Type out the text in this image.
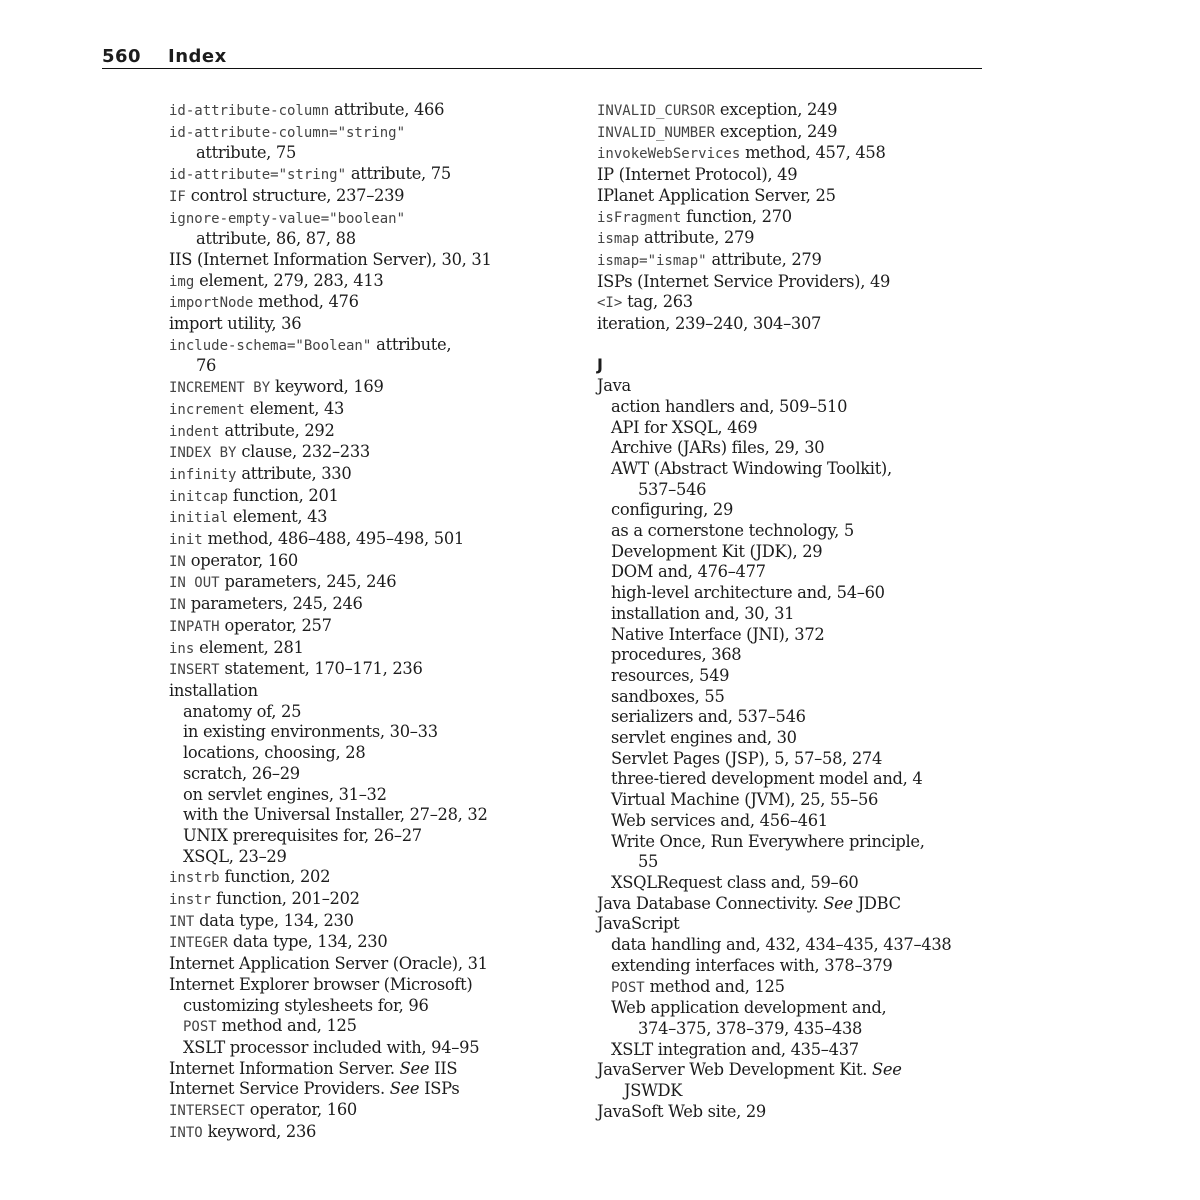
560 Index
id-attribute-column attribute, 466
id-attribute-column="string"
attribute, 75
id-attribute="string" attribute, 75
IF control structure, 237–239
ignore-empty-value="boolean"
attribute, 86, 87, 88
IIS (Internet Information Server), 30, 31
img element, 279, 283, 413
importNode method, 476
import utility, 36
include-schema="Boolean" attribute,
76
INCREMENT BY keyword, 169
increment element, 43
indent attribute, 292
INDEX BY clause, 232–233
infinity attribute, 330
initcap function, 201
initial element, 43
init method, 486–488, 495–498, 501
IN operator, 160
IN OUT parameters, 245, 246
IN parameters, 245, 246
INPATH operator, 257
ins element, 281
INSERT statement, 170–171, 236
installation
anatomy of, 25
in existing environments, 30–33
locations, choosing, 28
scratch, 26–29
on servlet engines, 31–32
with the Universal Installer, 27–28, 32
UNIX prerequisites for, 26–27
XSQL, 23–29
instrb function, 202
instr function, 201–202
INT data type, 134, 230
INTEGER data type, 134, 230
Internet Application Server (Oracle), 31
Internet Explorer browser (Microsoft)
customizing stylesheets for, 96
POST method and, 125
XSLT processor included with, 94–95
Internet Information Server. See IIS
Internet Service Providers. See ISPs
INTERSECT operator, 160
INTO keyword, 236
INVALID_CURSOR exception, 249
INVALID_NUMBER exception, 249
invokeWebServices method, 457, 458
IP (Internet Protocol), 49
IPlanet Application Server, 25
isFragment function, 270
ismap attribute, 279
ismap="ismap" attribute, 279
ISPs (Internet Service Providers), 49
<I> tag, 263
iteration, 239–240, 304–307
J
Java
action handlers and, 509–510
API for XSQL, 469
Archive (JARs) files, 29, 30
AWT (Abstract Windowing Toolkit),
537–546
configuring, 29
as a cornerstone technology, 5
Development Kit (JDK), 29
DOM and, 476–477
high-level architecture and, 54–60
installation and, 30, 31
Native Interface (JNI), 372
procedures, 368
resources, 549
sandboxes, 55
serializers and, 537–546
servlet engines and, 30
Servlet Pages (JSP), 5, 57–58, 274
three-tiered development model and, 4
Virtual Machine (JVM), 25, 55–56
Web services and, 456–461
Write Once, Run Everywhere principle,
55
XSQLRequest class and, 59–60
Java Database Connectivity. See JDBC
JavaScript
data handling and, 432, 434–435, 437–438
extending interfaces with, 378–379
POST method and, 125
Web application development and,
374–375, 378–379, 435–438
XSLT integration and, 435–437
JavaServer Web Development Kit. See
JSWDK
JavaSoft Web site, 29
